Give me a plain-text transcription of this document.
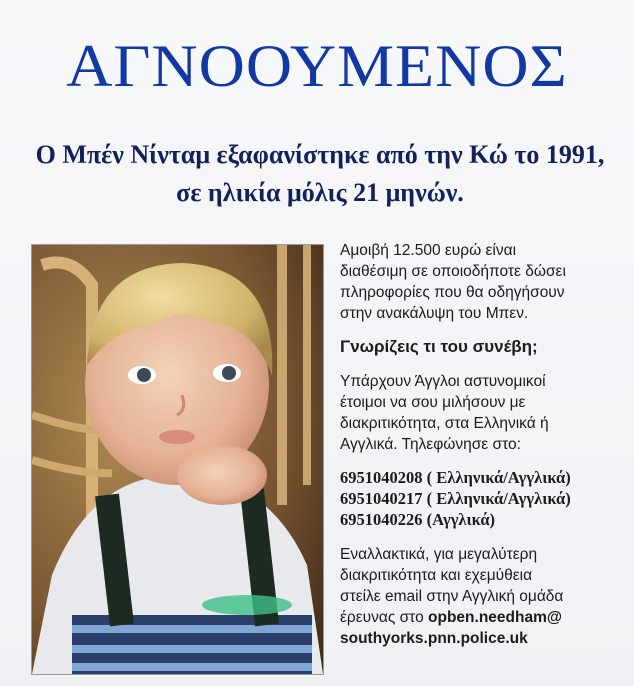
ΑΓΝΟΟΥΜΕΝΟΣ
Ο Μπέν Νίνταμ εξαφανίστηκε από την Κώ το 1991, σε ηλικία μόλις 21 μηνών.

Αμοιβή 12.500 ευρώ είναι
διαθέσιμη σε οποιοδήποτε δώσει
πληροφορίες που θα οδηγήσουν
στην ανακάλυψη του Μπεν.

Γνωρίζεις τι του συνέβη;

Υπάρχουν Άγγλοι αστυνομικοί
έτοιμοι να σου μιλήσουν με
διακριτικότητα, στα Ελληνικά ή
Αγγλικά. Τηλεφώνησε στο:

6951040208 ( Ελληνικά/Αγγλικά)
6951040217 ( Ελληνικά/Αγγλικά)
6951040226 (Αγγλικά)
Εναλλακτικά, για μεγαλύτερη
διακριτικότητα και εχεμύθεια
στείλε email στην Αγγλική ομάδα
έρευνας στο opben.needham@
southyorks.pnn.police.uk
